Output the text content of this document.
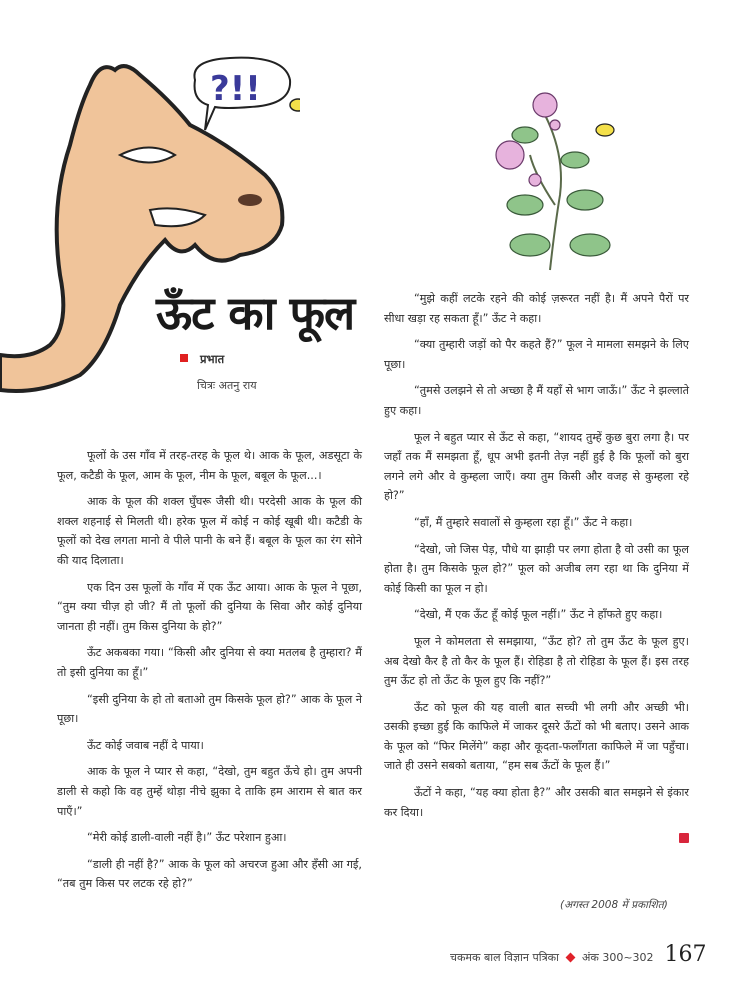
?!!
ऊँट का फूल
प्रभात
चित्रः अतनु राय

फूलों के उस गाँव में तरह-तरह के फूल थे। आक के फूल, अडसूटा के फूल, कटैडी के फूल, आम के फूल, नीम के फूल, बबूल के फूल...।

आक के फूल की शक्ल घुँघरू जैसी थी। परदेसी आक के फूल की शक्ल शहनाई से मिलती थी। हरेक फूल में कोई न कोई खूबी थी। कटैडी के फूलों को देख लगता मानो वे पीले पानी के बने हैं। बबूल के फूल का रंग सोने की याद दिलाता।

एक दिन उस फूलों के गाँव में एक ऊँट आया। आक के फूल ने पूछा, “तुम क्या चीज़ हो जी? मैं तो फूलों की दुनिया के सिवा और कोई दुनिया जानता ही नहीं। तुम किस दुनिया के हो?”

ऊँट अकबका गया। “किसी और दुनिया से क्या मतलब है तुम्हारा? मैं तो इसी दुनिया का हूँ।”

“इसी दुनिया के हो तो बताओ तुम किसके फूल हो?” आक के फूल ने पूछा।

ऊँट कोई जवाब नहीं दे पाया।

आक के फूल ने प्यार से कहा, “देखो, तुम बहुत ऊँचे हो। तुम अपनी डाली से कहो कि वह तुम्हें थोड़ा नीचे झुका दे ताकि हम आराम से बात कर पाएँ।”

“मेरी कोई डाली-वाली नहीं है।” ऊँट परेशान हुआ।

“डाली ही नहीं है?” आक के फूल को अचरज हुआ और हँसी आ गई, “तब तुम किस पर लटक रहे हो?”

“मुझे कहीं लटके रहने की कोई ज़रूरत नहीं है। मैं अपने पैरों पर सीधा खड़ा रह सकता हूँ।” ऊँट ने कहा।

“क्या तुम्हारी जड़ों को पैर कहते हैं?” फूल ने मामला समझने के लिए पूछा।

“तुमसे उलझने से तो अच्छा है मैं यहाँ से भाग जाऊँ।” ऊँट ने झल्लाते हुए कहा।

फूल ने बहुत प्यार से ऊँट से कहा, “शायद तुम्हें कुछ बुरा लगा है। पर जहाँ तक मैं समझता हूँ, धूप अभी इतनी तेज़ नहीं हुई है कि फूलों को बुरा लगने लगे और वे कुम्हला जाएँ। क्या तुम किसी और वजह से कुम्हला रहे हो?”

“हाँ, मैं तुम्हारे सवालों से कुम्हला रहा हूँ।” ऊँट ने कहा।

“देखो, जो जिस पेड़, पौधे या झाड़ी पर लगा होता है वो उसी का फूल होता है। तुम किसके फूल हो?” फूल को अजीब लग रहा था कि दुनिया में कोई किसी का फूल न हो।

“देखो, मैं एक ऊँट हूँ कोई फूल नहीं।” ऊँट ने हाँफते हुए कहा।

फूल ने कोमलता से समझाया, “ऊँट हो? तो तुम ऊँट के फूल हुए। अब देखो कैर है तो कैर के फूल हैं। रोहिडा है तो रोहिडा के फूल हैं। इस तरह तुम ऊँट हो तो ऊँट के फूल हुए कि नहीं?”

ऊँट को फूल की यह वाली बात सच्ची भी लगी और अच्छी भी। उसकी इच्छा हुई कि काफिले में जाकर दूसरे ऊँटों को भी बताए। उसने आक के फूल को “फिर मिलेंगे” कहा और कूदता-फलाँगता काफिले में जा पहुँचा। जाते ही उसने सबको बताया, “हम सब ऊँटों के फूल हैं।”

ऊँटों ने कहा, “यह क्या होता है?” और उसकी बात समझने से इंकार कर दिया।

(अगस्त 2008 में प्रकाशित)
चकमक बाल विज्ञान पत्रिका अंक 300~302 167
